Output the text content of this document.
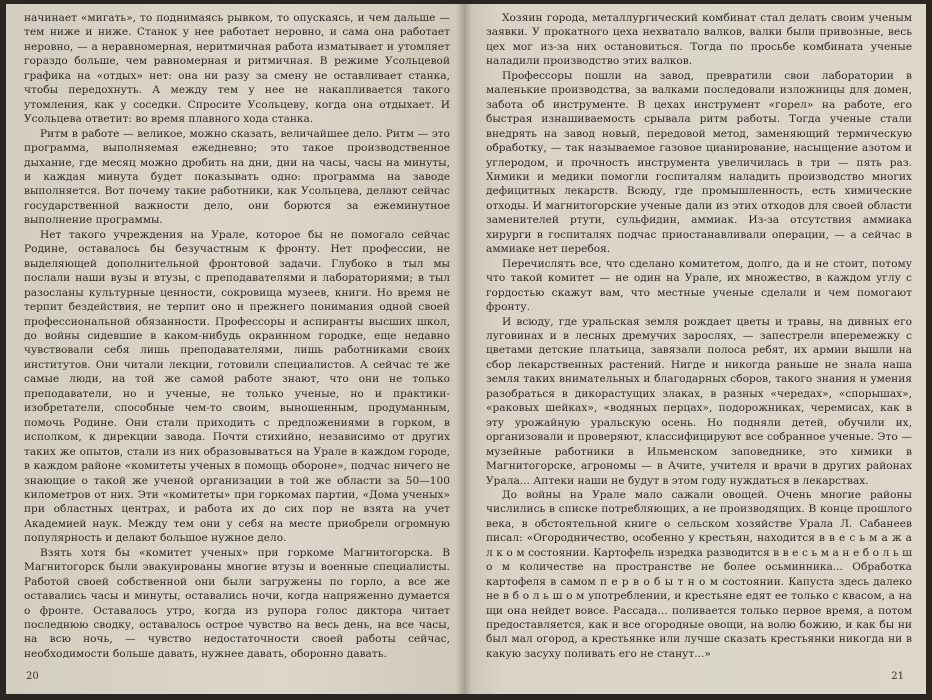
начинает «мигать», то поднимаясь рывком, то опускаясь, и чем дальше — тем ниже и ниже. Станок у нее работает неровно, и сама она работает неровно, — а неравномерная, неритмичная работа изматывает и утомляет гораздо больше, чем равномерная и ритмичная. В режиме Усольцевой графика на «отдых» нет: она ни разу за смену не оставливает станка, чтобы передохнуть. А между тем у нее не накапливается такого утомления, как у соседки. Спросите Усольцеву, когда она отдыхает. И Усольцева ответит: во время плавного хода станка.

Ритм в работе — великое, можно сказать, величайшее дело. Ритм — это программа, выполняемая ежедневно; это такое производственное дыхание, где месяц можно дробить на дни, дни на часы, часы на минуты, и каждая минута будет показывать одно: программа на заводе выполняется. Вот почему такие работники, как Усольцева, делают сейчас государственной важности дело, они борются за ежеминутное выполнение программы.

Нет такого учреждения на Урале, которое бы не помогало сейчас Родине, оставалось бы безучастным к фронту. Нет профессии, не выделяющей дополнительной фронтовой задачи. Глубоко в тыл мы послали наши вузы и втузы, с преподавателями и лабораториями; в тыл разосланы культурные ценности, сокровища музеев, книги. Но время не терпит бездействия, не терпит оно и прежнего понимания одной своей профессиональной обязанности. Профессоры и аспиранты высших школ, до войны сидевшие в каком-нибудь окраинном городке, еще недавно чувствовали себя лишь преподавателями, лишь работниками своих институтов. Они читали лекции, готовили специалистов. А сейчас те же самые люди, на той же самой работе знают, что они не только преподаватели, но и ученые, не только ученые, но и практики-изобретатели, способные чем-то своим, выношенным, продуманным, помочь Родине. Они стали приходить с предложениями в горком, в исполком, к дирекции завода. Почти стихийно, независимо от других таких же опытов, стали из них образовываться на Урале в каждом городе, в каждом районе «комитеты ученых в помощь обороне», подчас ничего не знающие о такой же ученой организации в той же области за 50—100 километров от них. Эти «комитеты» при горкомах партии, «Дома ученых» при областных центрах, и работа их до сих пор не взята на учет Академией наук. Между тем они у себя на месте приобрели огромную популярность и делают большое нужное дело.

Взять хотя бы «комитет ученых» при горкоме Магнитогорска. В Магнитогорск были эвакуированы многие втузы и военные специалисты. Работой своей собственной они были загружены по горло, а все же оставались часы и минуты, оставались ночи, когда напряженно думается о фронте. Оставалось утро, когда из рупора голос диктора читает последнюю сводку, оставалось острое чувство на весь день, на все часы, на всю ночь, — чувство недостаточности своей работы сейчас, необходимости больше давать, нужнее давать, оборонно давать.

20

Хозяин города, металлургический комбинат стал делать своим ученым заявки. У прокатного цеха нехватало валков, валки были привозные, весь цех мог из-за них остановиться. Тогда по просьбе комбината ученые наладили производство этих валков.

Профессоры пошли на завод, превратили свои лаборатории в маленькие производства, за валками последовали изложницы для домен, забота об инструменте. В цехах инструмент «горел» на работе, его быстрая изнашиваемость срывала ритм работы. Тогда ученые стали внедрять на завод новый, передовой метод, заменяющий термическую обработку, — так называемое газовое цианирование, насыщение азотом и углеродом, и прочность инструмента увеличилась в три — пять раз. Химики и медики помогли госпиталям наладить производство многих дефицитных лекарств. Всюду, где промышленность, есть химические отходы. И магнитогорские ученые дали из этих отходов для своей области заменителей ртути, сульфидин, аммиак. Из-за отсутствия аммиака хирурги в госпиталях подчас приостанавливали операции, — а сейчас в аммиаке нет перебоя.

Перечислять все, что сделано комитетом, долго, да и не стоит, потому что такой комитет — не один на Урале, их множество, в каждом углу с гордостью скажут вам, что местные ученые сделали и чем помогают фронту.

И всюду, где уральская земля рождает цветы и травы, на дивных его луговинах и в лесных дремучих зарослях, — запестрели вперемежку с цветами детские платьица, завязали полоса ребят, их армии вышли на сбор лекарственных растений. Нигде и никогда раньше не знала наша земля таких внимательных и благодарных сборов, такого знания и умения разобраться в дикорастущих злаках, в разных «чередах», «спорышах», «раковых шейках», «водяных перцах», подорожниках, черемисах, как в эту урожайную уральскую осень. Но подняли детей, обучили их, организовали и проверяют, классифицируют все собранное ученые. Это — музейные работники в Ильменском заповеднике, это химики в Магнитогорске, агрономы — в Ачите, учителя и врачи в других районах Урала... Аптеки наши не будут в этом году нуждаться в лекарствах.

До войны на Урале мало сажали овощей. Очень многие районы числились в списке потребляющих, а не производящих. В конце прошлого века, в обстоятельной книге о сельском хозяйстве Урала Л. Сабанеев писал: «Огородничество, особенно у крестьян, находится в в е с ь м а ж а л к о м состоянии. Картофель изредка разводится в в е с ь м а н е б о л ь ш о м количестве на пространстве не более осьминника... Обработка картофеля в самом п е р в о б ы т н о м состоянии. Капуста здесь далеко не в б о л ь ш о м употреблении, и крестьяне едят ее только с квасом, а на щи она нейдет вовсе. Рассада... поливается только первое время, а потом предоставляется, как и все огородные овощи, на волю божию, и как бы ни был мал огород, а крестьянке или лучше сказать крестьянки никогда ни в какую засуху поливать его не станут...»

21
